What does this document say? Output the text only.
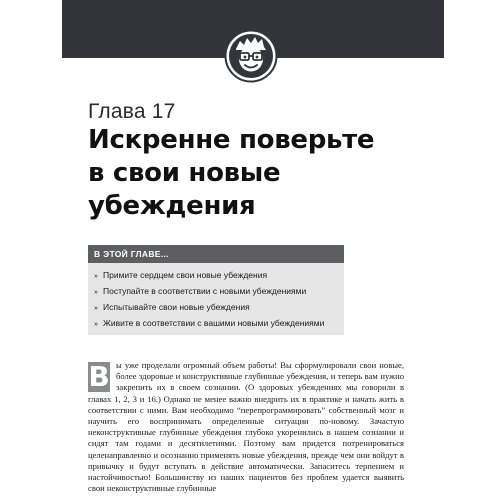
Глава 17
Искренне поверьте
в свои новые
убеждения
В ЭТОЙ ГЛАВЕ...
» Примите сердцем свои новые убеждения
» Поступайте в соответствии с новыми убеждениями
» Испытывайте свои новые убеждения
» Живите в соответствии с вашими новыми убеждениями
В ы уже проделали огромный объем работы! Вы сформулировали свои новые, более здоровые и конструктивные глубинные убеждения, и теперь вам нужно закрепить их в своем сознании. (О здоровых убеждениях мы говорили в главах 1, 2, 3 и 16.) Однако не менее важно внедрить их в практике и начать жить в соответствии с ними. Вам необходимо “перепрограммировать” собственный мозг и научить его воспринимать определенные ситуации по-новому. Зачастую неконструктивные глубинные убеждения глубоко укоренились в нашем сознании и сидят там годами и десятилетиями. Поэтому вам придется потренироваться целенаправленно и осознанно применять новые убеждения, прежде чем они войдут в привычку и будут вступать в действие автоматически. Запаситесь терпением и настойчивостью! Большинству из наших пациентов без проблем удается выявить свои неконструктивные глубинные
